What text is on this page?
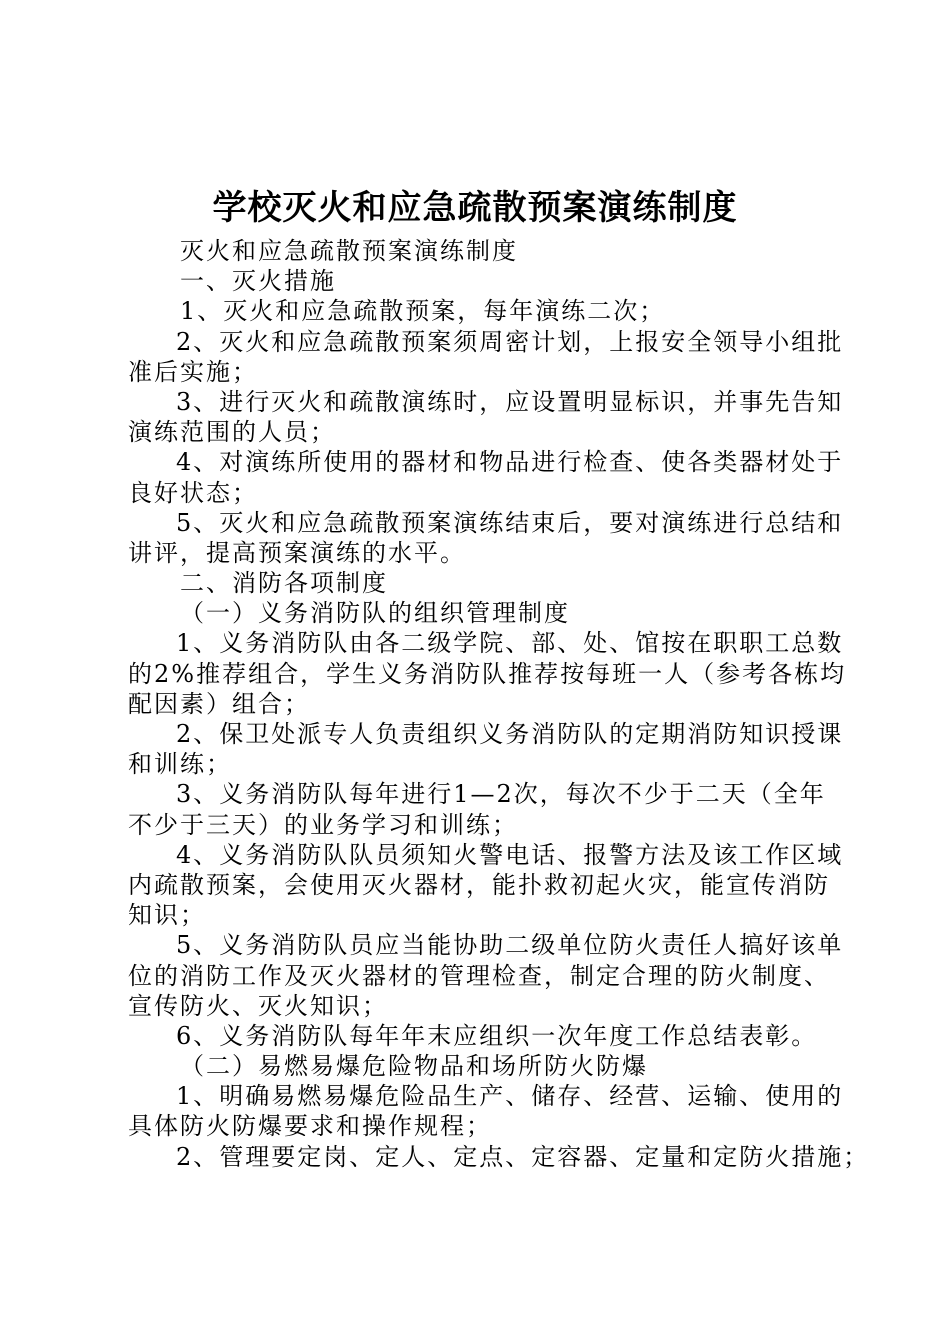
学校灭火和应急疏散预案演练制度
灭火和应急疏散预案演练制度
一、灭火措施
1、灭火和应急疏散预案，每年演练二次；
2、灭火和应急疏散预案须周密计划，上报安全领导小组批
准后实施；
3、进行灭火和疏散演练时，应设置明显标识，并事先告知
演练范围的人员；
4、对演练所使用的器材和物品进行检查、使各类器材处于
良好状态；
5、灭火和应急疏散预案演练结束后，要对演练进行总结和
讲评，提高预案演练的水平。
二、消防各项制度
（一）义务消防队的组织管理制度
1、义务消防队由各二级学院、部、处、馆按在职职工总数
的2%推荐组合，学生义务消防队推荐按每班一人（参考各栋均
配因素）组合；
2、保卫处派专人负责组织义务消防队的定期消防知识授课
和训练；
3、义务消防队每年进行1—2次，每次不少于二天（全年
不少于三天）的业务学习和训练；
4、义务消防队队员须知火警电话、报警方法及该工作区域
内疏散预案，会使用灭火器材，能扑救初起火灾，能宣传消防
知识；
5、义务消防队员应当能协助二级单位防火责任人搞好该单
位的消防工作及灭火器材的管理检查，制定合理的防火制度、
宣传防火、灭火知识；
6、义务消防队每年年末应组织一次年度工作总结表彰。
（二）易燃易爆危险物品和场所防火防爆
1、明确易燃易爆危险品生产、储存、经营、运输、使用的
具体防火防爆要求和操作规程；
2、管理要定岗、定人、定点、定容器、定量和定防火措施；
